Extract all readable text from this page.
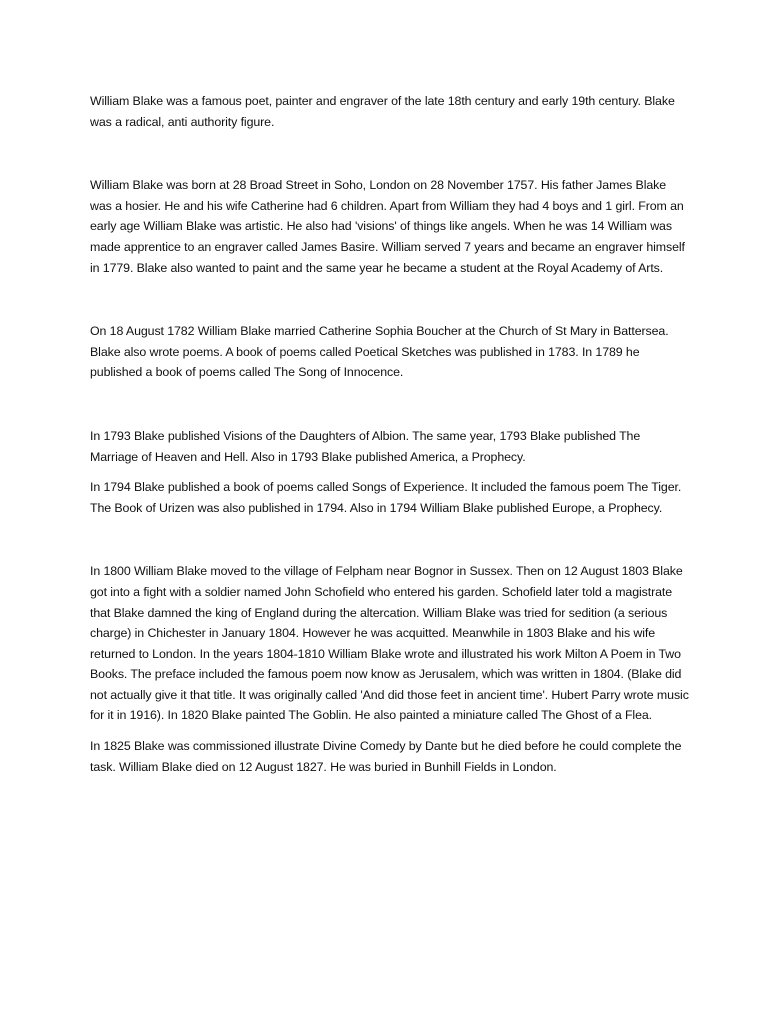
William Blake was a famous poet, painter and engraver of the late 18th century and early 19th century. Blake was a radical, anti authority figure.

William Blake was born at 28 Broad Street in Soho, London on 28 November 1757. His father James Blake was a hosier. He and his wife Catherine had 6 children. Apart from William they had 4 boys and 1 girl. From an early age William Blake was artistic. He also had 'visions' of things like angels. When he was 14 William was made apprentice to an engraver called James Basire. William served 7 years and became an engraver himself in 1779. Blake also wanted to paint and the same year he became a student at the Royal Academy of Arts.

On 18 August 1782 William Blake married Catherine Sophia Boucher at the Church of St Mary in Battersea. Blake also wrote poems. A book of poems called Poetical Sketches was published in 1783. In 1789 he published a book of poems called The Song of Innocence.

In 1793 Blake published Visions of the Daughters of Albion. The same year, 1793 Blake published The Marriage of Heaven and Hell. Also in 1793 Blake published America, a Prophecy.

In 1794 Blake published a book of poems called Songs of Experience. It included the famous poem The Tiger. The Book of Urizen was also published in 1794. Also in 1794 William Blake published Europe, a Prophecy.

In 1800 William Blake moved to the village of Felpham near Bognor in Sussex. Then on 12 August 1803 Blake got into a fight with a soldier named John Schofield who entered his garden. Schofield later told a magistrate that Blake damned the king of England during the altercation. William Blake was tried for sedition (a serious charge) in Chichester in January 1804. However he was acquitted. Meanwhile in 1803 Blake and his wife returned to London. In the years 1804-1810 William Blake wrote and illustrated his work Milton A Poem in Two Books. The preface included the famous poem now know as Jerusalem, which was written in 1804. (Blake did not actually give it that title. It was originally called 'And did those feet in ancient time'. Hubert Parry wrote music for it in 1916). In 1820 Blake painted The Goblin. He also painted a miniature called The Ghost of a Flea.

In 1825 Blake was commissioned illustrate Divine Comedy by Dante but he died before he could complete the task. William Blake died on 12 August 1827. He was buried in Bunhill Fields in London.
